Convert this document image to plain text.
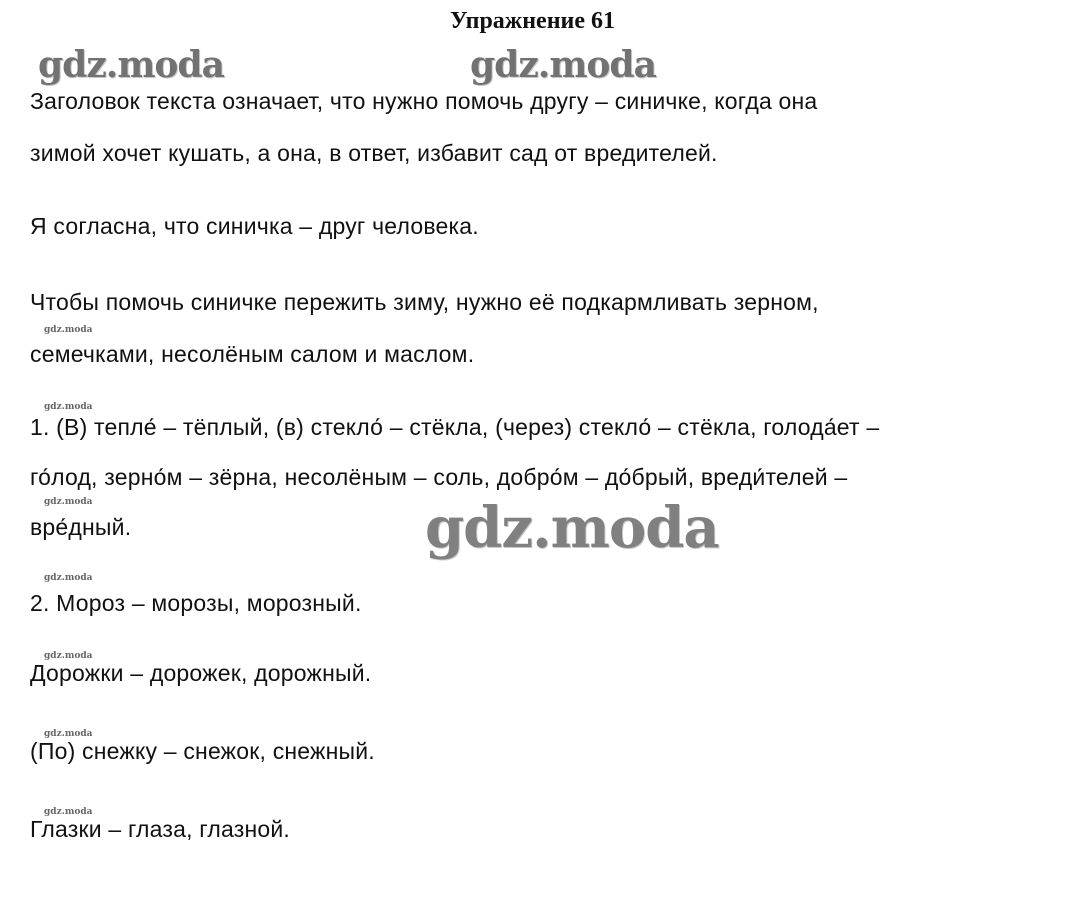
Упражнение 61
gdz.moda	gdz.moda
gdz.moda
gdz.moda
gdz.moda
gdz.moda
gdz.moda
gdz.moda
gdz.moda
gdz.moda
Заголовок текста означает, что нужно помочь другу – синичке, когда она
зимой хочет кушать, а она, в ответ, избавит сад от вредителей.
Я согласна, что синичка – друг человека.
Чтобы помочь синичке пережить зиму, нужно её подкармливать зерном,
семечками, несолёным салом и маслом.
1. (В) тепле́ – тёплый, (в) стекло́ – стёкла, (через) стекло́ – стёкла, голода́ет –
го́лод, зерно́м – зёрна, несолёным – соль, добро́м – до́брый, вреди́телей –
вре́дный.
2. Мороз – морозы, морозный.
Дорожки – дорожек, дорожный.
(По) снежку – снежок, снежный.
Глазки – глаза, глазной.
